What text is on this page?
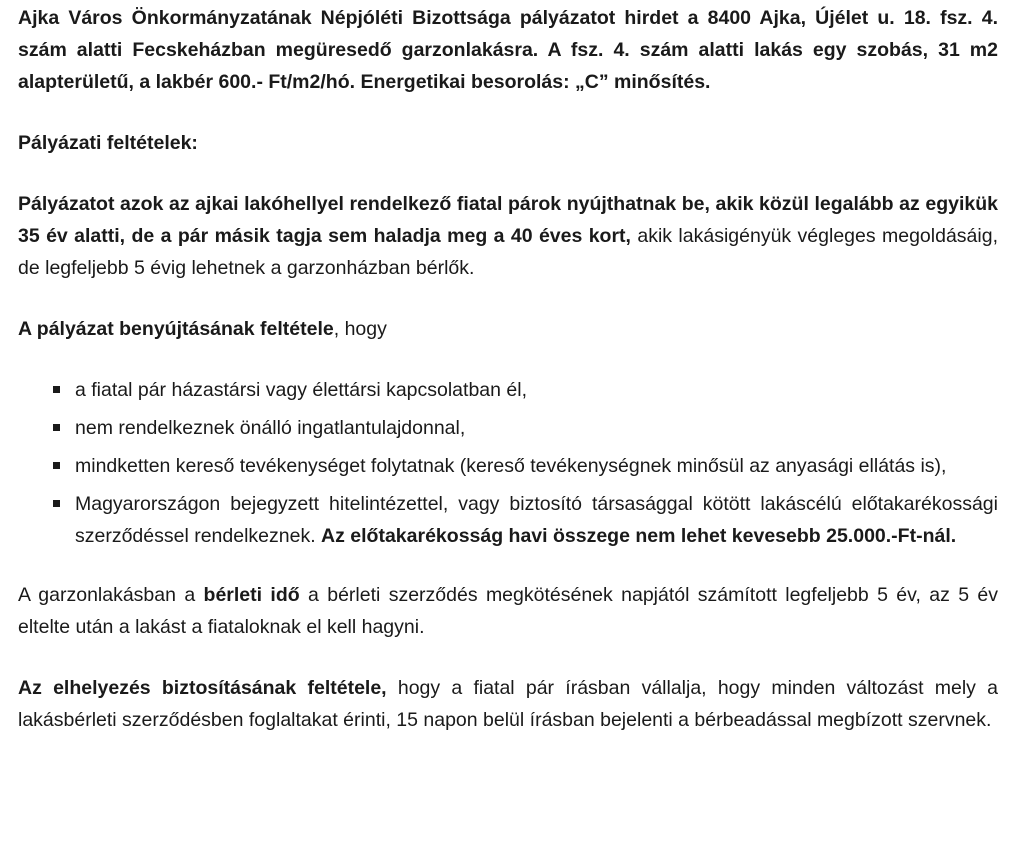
Ajka Város Önkormányzatának Népjóléti Bizottsága pályázatot hirdet a 8400 Ajka, Újélet u. 18. fsz. 4. szám alatti Fecskeházban megüresedő garzonlakásra. A fsz. 4. szám alatti lakás egy szobás, 31 m2 alapterületű, a lakbér 600.- Ft/m2/hó. Energetikai besorolás: „C” minősítés.

Pályázati feltételek:

Pályázatot azok az ajkai lakóhellyel rendelkező fiatal párok nyújthatnak be, akik közül legalább az egyikük 35 év alatti, de a pár másik tagja sem haladja meg a 40 éves kort, akik lakásigényük végleges megoldásáig, de legfeljebb 5 évig lehetnek a garzonházban bérlők.

A pályázat benyújtásának feltétele, hogy

a fiatal pár házastársi vagy élettársi kapcsolatban él,
nem rendelkeznek önálló ingatlantulajdonnal,
mindketten kereső tevékenységet folytatnak (kereső tevékenységnek minősül az anyasági ellátás is),
Magyarországon bejegyzett hitelintézettel, vagy biztosító társasággal kötött lakáscélú előtakarékossági szerződéssel rendelkeznek. Az előtakarékosság havi összege nem lehet kevesebb 25.000.-Ft-nál.

A garzonlakásban a bérleti idő a bérleti szerződés megkötésének napjától számított legfeljebb 5 év, az 5 év eltelte után a lakást a fiataloknak el kell hagyni.

Az elhelyezés biztosításának feltétele, hogy a fiatal pár írásban vállalja, hogy minden változást mely a lakásbérleti szerződésben foglaltakat érinti, 15 napon belül írásban bejelenti a bérbeadással megbízott szervnek.
